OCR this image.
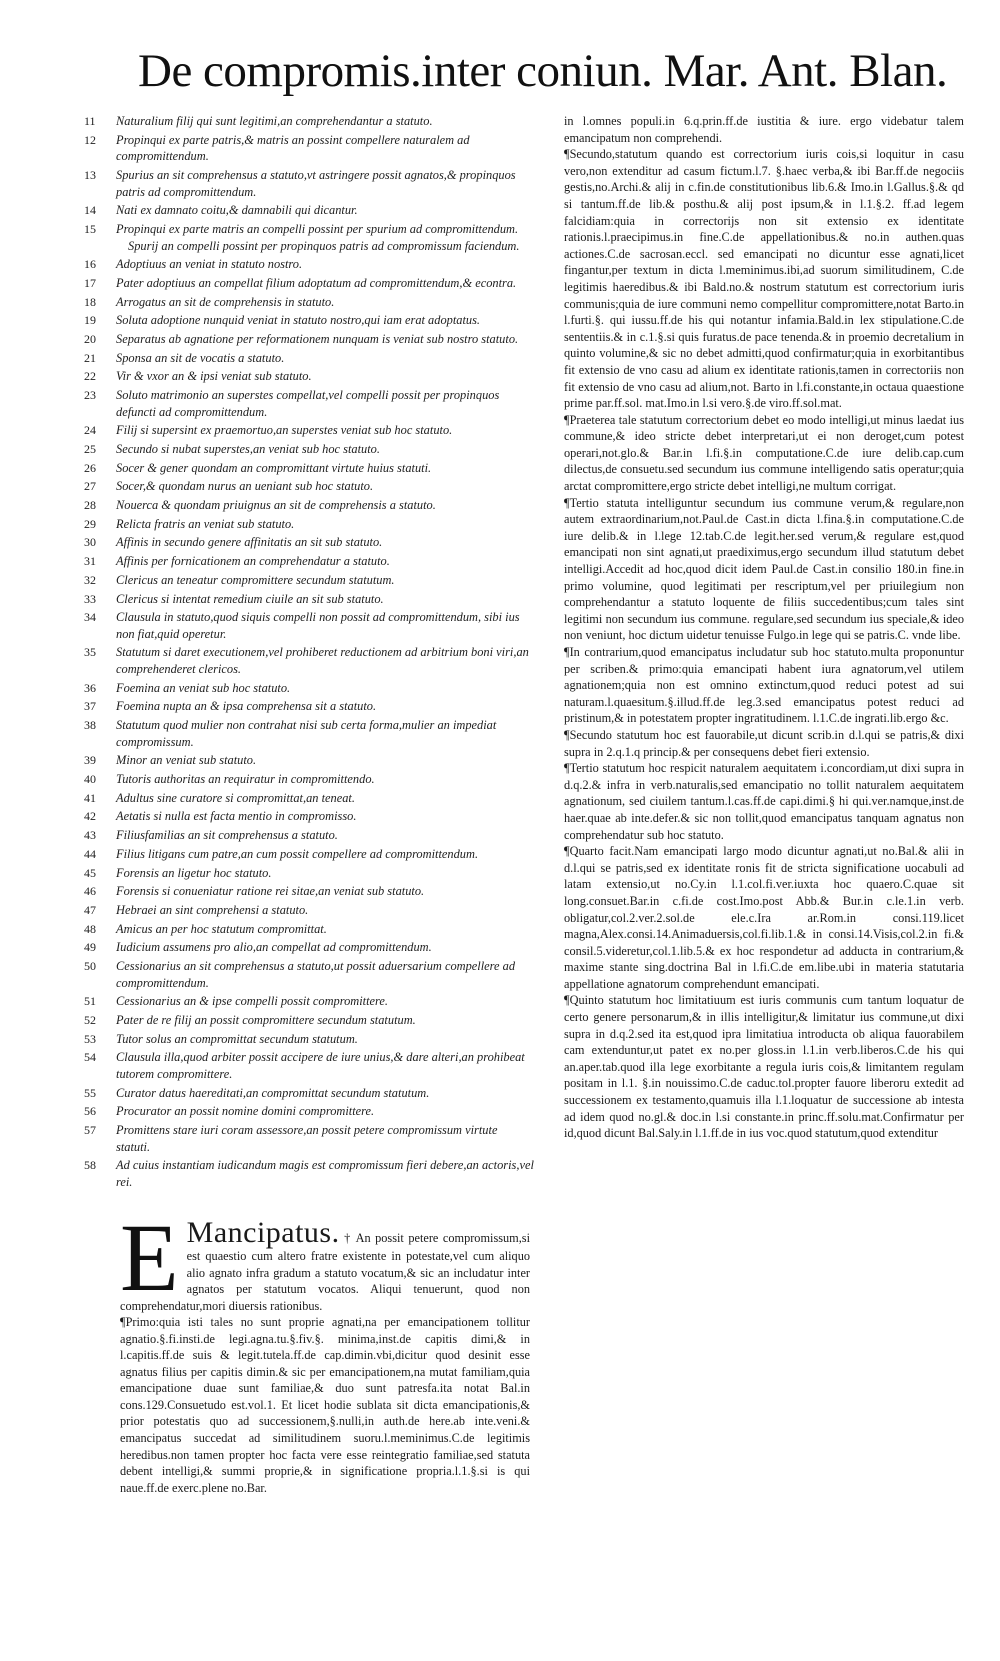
De compromis.inter coniun. Mar. Ant. Blan.
11	Naturalium filij qui sunt legitimi,an comprehendantur a statuto.
12	Propinqui ex parte patris,& matris an possint compellere naturalem ad compromittendum.
13	Spurius an sit comprehensus a statuto,vt astringere possit agnatos,& propinquos patris ad compromittendum.
14	Nati ex damnato coitu,& damnabili qui dicantur.
15	Propinqui ex parte matris an compelli possint per spurium ad compromittendum.
Spurij an compelli possint per propinquos patris ad compromissum faciendum.
16	Adoptiuus an veniat in statuto nostro.
17	Pater adoptiuus an compellat filium adoptatum ad compromittendum,& econtra.
18	Arrogatus an sit de comprehensis in statuto.
19	Soluta adoptione nunquid veniat in statuto nostro,qui iam erat adoptatus.
20	Separatus ab agnatione per reformationem nunquam is veniat sub nostro statuto.
21	Sponsa an sit de vocatis a statuto.
22	Vir & vxor an & ipsi veniat sub statuto.
23	Soluto matrimonio an superstes compellat,vel compelli possit per propinquos defuncti ad compromittendum.
24	Filij si supersint ex praemortuo,an superstes veniat sub hoc statuto.
25	Secundo si nubat superstes,an veniat sub hoc statuto.
26	Socer & gener quondam an compromittant virtute huius statuti.
27	Socer,& quondam nurus an ueniant sub hoc statuto.
28	Nouerca & quondam priuignus an sit de comprehensis a statuto.
29	Relicta fratris an veniat sub statuto.
30	Affinis in secundo genere affinitatis an sit sub statuto.
31	Affinis per fornicationem an comprehendatur a statuto.
32	Clericus an teneatur compromittere secundum statutum.
33	Clericus si intentat remedium ciuile an sit sub statuto.
34	Clausula in statuto,quod siquis compelli non possit ad compromittendum, sibi ius non fiat,quid operetur.
35	Statutum si daret executionem,vel prohiberet reductionem ad arbitrium boni viri,an comprehenderet clericos.
36	Foemina an veniat sub hoc statuto.
37	Foemina nupta an & ipsa comprehensa sit a statuto.
38	Statutum quod mulier non contrahat nisi sub certa forma,mulier an impediat compromissum.
39	Minor an veniat sub statuto.
40	Tutoris authoritas an requiratur in compromittendo.
41	Adultus sine curatore si compromittat,an teneat.
42	Aetatis si nulla est facta mentio in compromisso.
43	Filiusfamilias an sit comprehensus a statuto.
44	Filius litigans cum patre,an cum possit compellere ad compromittendum.
45	Forensis an ligetur hoc statuto.
46	Forensis si conueniatur ratione rei sitae,an veniat sub statuto.
47	Hebraei an sint comprehensi a statuto.
48	Amicus an per hoc statutum compromittat.
49	Iudicium assumens pro alio,an compellat ad compromittendum.
50	Cessionarius an sit comprehensus a statuto,ut possit aduersarium compellere ad compromittendum.
51	Cessionarius an & ipse compelli possit compromittere.
52	Pater de re filij an possit compromittere secundum statutum.
53	Tutor solus an compromittat secundum statutum.
54	Clausula illa,quod arbiter possit accipere de iure unius,& dare alteri,an prohibeat tutorem compromittere.
55	Curator datus haereditati,an compromittat secundum statutum.
56	Procurator an possit nomine domini compromittere.
57	Promittens stare iuri coram assessore,an possit petere compromissum virtute statuti.
58	Ad cuius instantiam iudicandum magis est compromissum fieri debere,an actoris,vel rei.
E Mancipatus. † An possit petere compromissum,si est quaestio cum altero fratre existente in potestate,vel cum aliquo alio agnato infra gradum a statuto vocatum,& sic an includatur inter agnatos per statutum vocatos. Aliqui tenuerunt, quod non comprehendatur,mori diuersis rationibus.

¶Primo:quia isti tales no sunt proprie agnati,na per emancipationem tollitur agnatio.§.fi.insti.de legi.agna.tu.§.fiv.§. minima,inst.de capitis dimi,& in l.capitis.ff.de suis & legit.tutela.ff.de cap.dimin.vbi,dicitur quod desinit esse agnatus filius per capitis dimin.& sic per emancipationem,na mutat familiam,quia emancipatione duae sunt familiae,& duo sunt patresfa.ita notat Bal.in cons.129.Consuetudo est.vol.1. Et licet hodie sublata sit dicta emancipationis,& prior potestatis quo ad successionem,§.nulli,in auth.de here.ab inte.veni.& emancipatus succedat ad similitudinem suoru.l.meminimus.C.de legitimis heredibus.non tamen propter hoc facta vere esse reintegratio familiae,sed statuta debent intelligi,& summi proprie,& in significatione propria.l.1.§.si is qui naue.ff.de exerc.plene no.Bar.

in l.omnes populi.in 6.q.prin.ff.de iustitia & iure. ergo videbatur talem emancipatum non comprehendi.

¶Secundo,statutum quando est correctorium iuris cois,si loquitur in casu vero,non extenditur ad casum fictum.l.7. §.haec verba,& ibi Bar.ff.de negociis gestis,no.Archi.& alij in c.fin.de constitutionibus lib.6.& Imo.in l.Gallus.§.& qd si tantum.ff.de lib.& posthu.& alij post ipsum,& in l.1.§.2. ff.ad legem falcidiam:quia in correctorijs non sit extensio ex identitate rationis.l.praecipimus.in fine.C.de appellationibus.& no.in authen.quas actiones.C.de sacrosan.eccl. sed emancipati no dicuntur esse agnati,licet fingantur,per textum in dicta l.meminimus.ibi,ad suorum similitudinem, C.de legitimis haeredibus.& ibi Bald.no.& nostrum statutum est correctorium iuris communis;quia de iure communi nemo compellitur compromittere,notat Barto.in l.furti.§. qui iussu.ff.de his qui notantur infamia.Bald.in lex stipulatione.C.de sententiis.& in c.1.§.si quis furatus.de pace tenenda.& in proemio decretalium in quinto volumine,& sic no debet admitti,quod confirmatur;quia in exorbitantibus fit extensio de vno casu ad alium ex identitate rationis,tamen in correctoriis non fit extensio de vno casu ad alium,not. Barto in l.fi.constante,in octaua quaestione prime par.ff.sol. mat.Imo.in l.si vero.§.de viro.ff.sol.mat.

¶Praeterea tale statutum correctorium debet eo modo intelligi,ut minus laedat ius commune,& ideo stricte debet interpretari,ut ei non deroget,cum potest operari,not.glo.& Bar.in l.fi.§.in computatione.C.de iure delib.cap.cum dilectus,de consuetu.sed secundum ius commune intelligendo satis operatur;quia arctat compromittere,ergo stricte debet intelligi,ne multum corrigat.

¶Tertio statuta intelliguntur secundum ius commune verum,& regulare,non autem extraordinarium,not.Paul.de Cast.in dicta l.fina.§.in computatione.C.de iure delib.& in l.lege 12.tab.C.de legit.her.sed verum,& regulare est,quod emancipati non sint agnati,ut praediximus,ergo secundum illud statutum debet intelligi.Accedit ad hoc,quod dicit idem Paul.de Cast.in consilio 180.in fine.in primo volumine, quod legitimati per rescriptum,vel per priuilegium non comprehendantur a statuto loquente de filiis succedentibus;cum tales sint legitimi non secundum ius commune. regulare,sed secundum ius speciale,& ideo non veniunt, hoc dictum uidetur tenuisse Fulgo.in lege qui se patris.C. vnde libe.

¶In contrarium,quod emancipatus includatur sub hoc statuto.multa proponuntur per scriben.& primo:quia emancipati habent iura agnatorum,vel utilem agnationem;quia non est omnino extinctum,quod reduci potest ad sui naturam.l.quaesitum.§.illud.ff.de leg.3.sed emancipatus potest reduci ad pristinum,& in potestatem propter ingratitudinem. l.1.C.de ingrati.lib.ergo &c.

¶Secundo statutum hoc est fauorabile,ut dicunt scrib.in d.l.qui se patris,& dixi supra in 2.q.1.q princip.& per consequens debet fieri extensio.

¶Tertio statutum hoc respicit naturalem aequitatem i.concordiam,ut dixi supra in d.q.2.& infra in verb.naturalis,sed emancipatio no tollit naturalem aequitatem agnationum, sed ciuilem tantum.l.cas.ff.de capi.dimi.§ hi qui.ver.namque,inst.de haer.quae ab inte.defer.& sic non tollit,quod emancipatus tanquam agnatus non comprehendatur sub hoc statuto.

¶Quarto facit.Nam emancipati largo modo dicuntur agnati,ut no.Bal.& alii in d.l.qui se patris,sed ex identitate ronis fit de stricta significatione uocabuli ad latam extensio,ut no.Cy.in l.1.col.fi.ver.iuxta hoc quaero.C.quae sit long.consuet.Bar.in c.fi.de cost.Imo.post Abb.& Bur.in c.le.1.in verb. obligatur,col.2.ver.2.sol.de ele.c.Ira ar.Rom.in consi.119.licet magna,Alex.consi.14.Animaduersis,col.fi.lib.1.& in consi.14.Visis,col.2.in fi.& consil.5.videretur,col.1.lib.5.& ex hoc respondetur ad adducta in contrarium,& maxime stante sing.doctrina Bal in l.fi.C.de em.libe.ubi in materia statutaria appellatione agnatorum comprehendunt emancipati.

¶Quinto statutum hoc limitatiuum est iuris communis cum tantum loquatur de certo genere personarum,& in illis intelligitur,& limitatur ius commune,ut dixi supra in d.q.2.sed ita est,quod ipra limitatiua introducta ob aliqua fauorabilem cam extenduntur,ut patet ex no.per gloss.in l.1.in verb.liberos.C.de his qui an.aper.tab.quod illa lege exorbitante a regula iuris cois,& limitantem regulam positam in l.1. §.in nouissimo.C.de caduc.tol.propter fauore liberoru extedit ad successionem ex testamento,quamuis illa l.1.loquatur de successione ab intesta ad idem quod no.gl.& doc.in l.si constante.in princ.ff.solu.mat.Confirmatur per id,quod dicunt Bal.Saly.in l.1.ff.de in ius voc.quod statutum,quod extenditur
